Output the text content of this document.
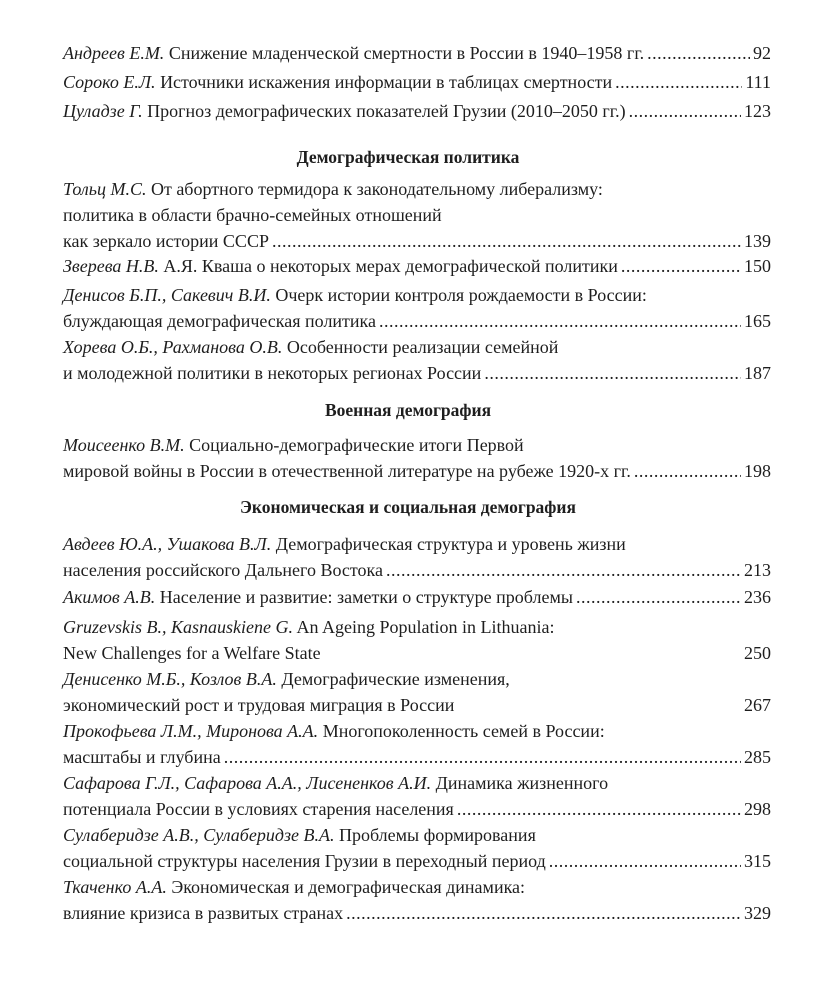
Андреев Е.М. Снижение младенческой смертности в России в 1940–1958 гг. .....	92
Сороко Е.Л. Источники искажения информации в таблицах смертности .....	111
Цуладзе Г. Прогноз демографических показателей Грузии (2010–2050 гг.) .....	123
Демографическая политика
Тольц М.С. От абортного термидора к законодательному либерализму:
политика в области брачно-семейных отношений
как зеркало истории СССР .....	139
Зверева Н.В. А.Я. Кваша о некоторых мерах демографической политики .....	150
Денисов Б.П., Сакевич В.И. Очерк истории контроля рождаемости в России:
блуждающая демографическая политика .....	165
Хорева О.Б., Рахманова О.В. Особенности реализации семейной
и молодежной политики в некоторых регионах России .....	187
Военная демография
Моисеенко В.М. Социально-демографические итоги Первой
мировой войны в России в отечественной литературе на рубеже 1920-х гг. .....	198
Экономическая и социальная демография
Авдеев Ю.А., Ушакова В.Л. Демографическая структура и уровень жизни
населения российского Дальнего Востока .....	213
Акимов А.В. Население и развитие: заметки о структуре проблемы .....	236
Gruzevskis B., Kasnauskiene G. An Ageing Population in Lithuania:
New Challenges for a Welfare State	250
Денисенко М.Б., Козлов В.А. Демографические изменения,
экономический рост и трудовая миграция в России	267
Прокофьева Л.М., Миронова А.А. Многопоколенность семей в России:
масштабы и глубина .....	285
Сафарова Г.Л., Сафарова А.А., Лисененков А.И. Динамика жизненного
потенциала России в условиях старения населения .....	298
Сулаберидзе А.В., Сулаберидзе В.А. Проблемы формирования
социальной структуры населения Грузии в переходный период .....	315
Ткаченко А.А. Экономическая и демографическая динамика:
влияние кризиса в развитых странах .....	329
